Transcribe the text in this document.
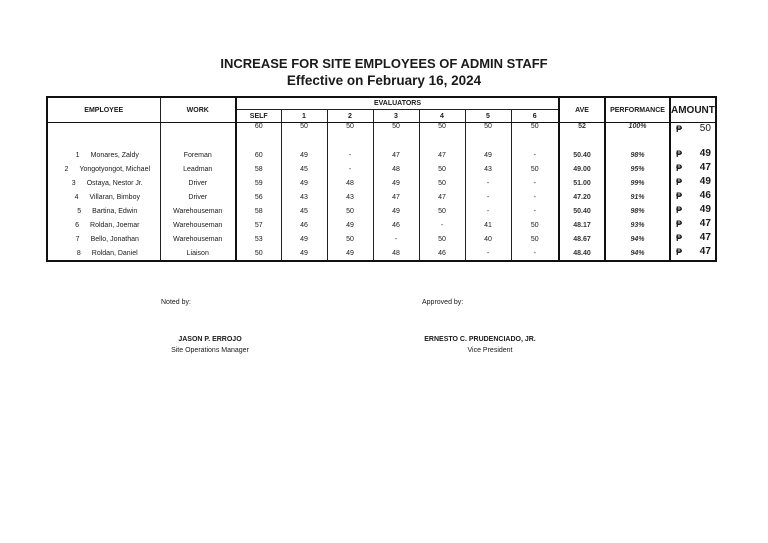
INCREASE FOR SITE EMPLOYEES OF ADMIN STAFF
Effective on February 16, 2024
EMPLOYEE	WORK	EVALUATORS							AVE	PERFORMANCE	AMOUNT
		SELF	1	2	3	4	5	6			
		60	50	50	50	50	50	50	52	100%	₱ 50

1 Monares, Zaldy	Foreman	60	49	-	47	47	49	-	50.40	98%	₱ 49

2 Yongotyongot, Michael	Leadman	58	45	-	48	50	43	50	49.00	95%	₱ 47

3 Ostaya, Nestor Jr.	Driver	59	49	48	49	50	-	-	51.00	99%	₱ 49

4 Villaran, Bimboy	Driver	56	43	43	47	47	-	-	47.20	91%	₱ 46

5 Bartina, Edwin	Warehouseman	58	45	50	49	50	-	-	50.40	98%	₱ 49

6 Roldan, Joemar	Warehouseman	57	46	49	46	-	41	50	48.17	93%	₱ 47

7 Bello, Jonathan	Warehouseman	53	49	50	-	50	40	50	48.67	94%	₱ 47

8 Roldan, Daniel	Liaison	50	49	49	48	46	-	-	48.40	94%	₱ 47
Noted by:
JASON P. ERROJO
Site Operations Manager
Approved by:
ERNESTO C. PRUDENCIADO, JR.
Vice President
